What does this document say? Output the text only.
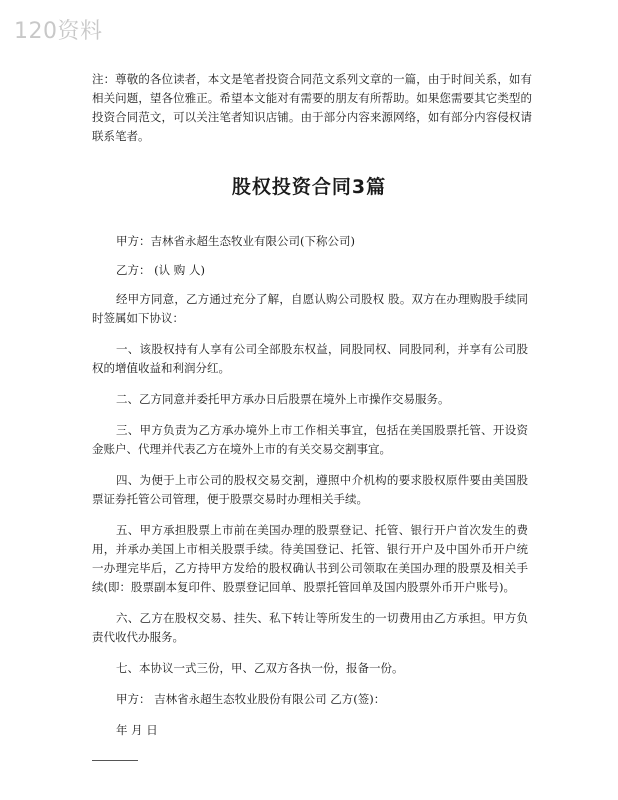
120资料
注：尊敬的各位读者，本文是笔者投资合同范文系列文章的一篇，由于时间关系，如有相关问题，望各位雅正。希望本文能对有需要的朋友有所帮助。如果您需要其它类型的投资合同范文，可以关注笔者知识店铺。由于部分内容来源网络，如有部分内容侵权请联系笔者。
股权投资合同3篇

甲方：吉林省永超生态牧业有限公司(下称公司)

乙方： (认 购 人)

经甲方同意，乙方通过充分了解，自愿认购公司股权 股。双方在办理购股手续同时签属如下协议：

一、该股权持有人享有公司全部股东权益，同股同权、同股同利，并享有公司股权的增值收益和利润分红。

二、乙方同意并委托甲方承办日后股票在境外上市操作交易服务。

三、甲方负责为乙方承办境外上市工作相关事宜，包括在美国股票托管、开设资金账户、代理并代表乙方在境外上市的有关交易交割事宜。

四、为便于上市公司的股权交易交割，遵照中介机构的要求股权原件要由美国股票证券托管公司管理，便于股票交易时办理相关手续。

五、甲方承担股票上市前在美国办理的股票登记、托管、银行开户首次发生的费用，并承办美国上市相关股票手续。待美国登记、托管、银行开户及中国外币开户统一办理完毕后，乙方持甲方发给的股权确认书到公司领取在美国办理的股票及相关手续(即：股票副本复印件、股票登记回单、股票托管回单及国内股票外币开户账号)。

六、乙方在股权交易、挂失、私下转让等所发生的一切费用由乙方承担。甲方负责代收代办服务。

七、本协议一式三份，甲、乙双方各执一份，报备一份。

甲方： 吉林省永超生态牧业股份有限公司 乙方(签)：

年 月 日
